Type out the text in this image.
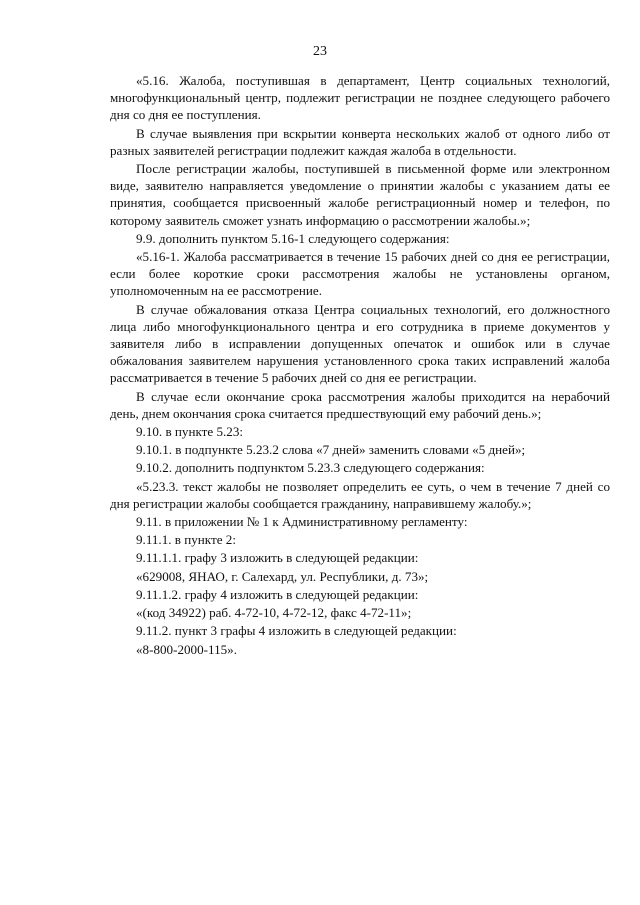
23

«5.16. Жалоба, поступившая в департамент, Центр социальных технологий, многофункциональный центр, подлежит регистрации не позднее следующего рабочего дня со дня ее поступления.

В случае выявления при вскрытии конверта нескольких жалоб от одного либо от разных заявителей регистрации подлежит каждая жалоба в отдельности.

После регистрации жалобы, поступившей в письменной форме или электронном виде, заявителю направляется уведомление о принятии жалобы с указанием даты ее принятия, сообщается присвоенный жалобе регистрационный номер и телефон, по которому заявитель сможет узнать информацию о рассмотрении жалобы.»;

9.9. дополнить пунктом 5.16-1 следующего содержания:

«5.16-1. Жалоба рассматривается в течение 15 рабочих дней со дня ее регистрации, если более короткие сроки рассмотрения жалобы не установлены органом, уполномоченным на ее рассмотрение.

В случае обжалования отказа Центра социальных технологий, его должностного лица либо многофункционального центра и его сотрудника в приеме документов у заявителя либо в исправлении допущенных опечаток и ошибок или в случае обжалования заявителем нарушения установленного срока таких исправлений жалоба рассматривается в течение 5 рабочих дней со дня ее регистрации.

В случае если окончание срока рассмотрения жалобы приходится на нерабочий день, днем окончания срока считается предшествующий ему рабочий день.»;

9.10. в пункте 5.23:

9.10.1. в подпункте 5.23.2 слова «7 дней» заменить словами «5 дней»;

9.10.2. дополнить подпунктом 5.23.3 следующего содержания:

«5.23.3. текст жалобы не позволяет определить ее суть, о чем в течение 7 дней со дня регистрации жалобы сообщается гражданину, направившему жалобу.»;

9.11. в приложении № 1 к Административному регламенту:

9.11.1. в пункте 2:

9.11.1.1. графу 3 изложить в следующей редакции:

«629008, ЯНАО, г. Салехард, ул. Республики, д. 73»;

9.11.1.2. графу 4 изложить в следующей редакции:

«(код 34922) раб. 4-72-10, 4-72-12, факс 4-72-11»;

9.11.2. пункт 3 графы 4 изложить в следующей редакции:

«8-800-2000-115».
